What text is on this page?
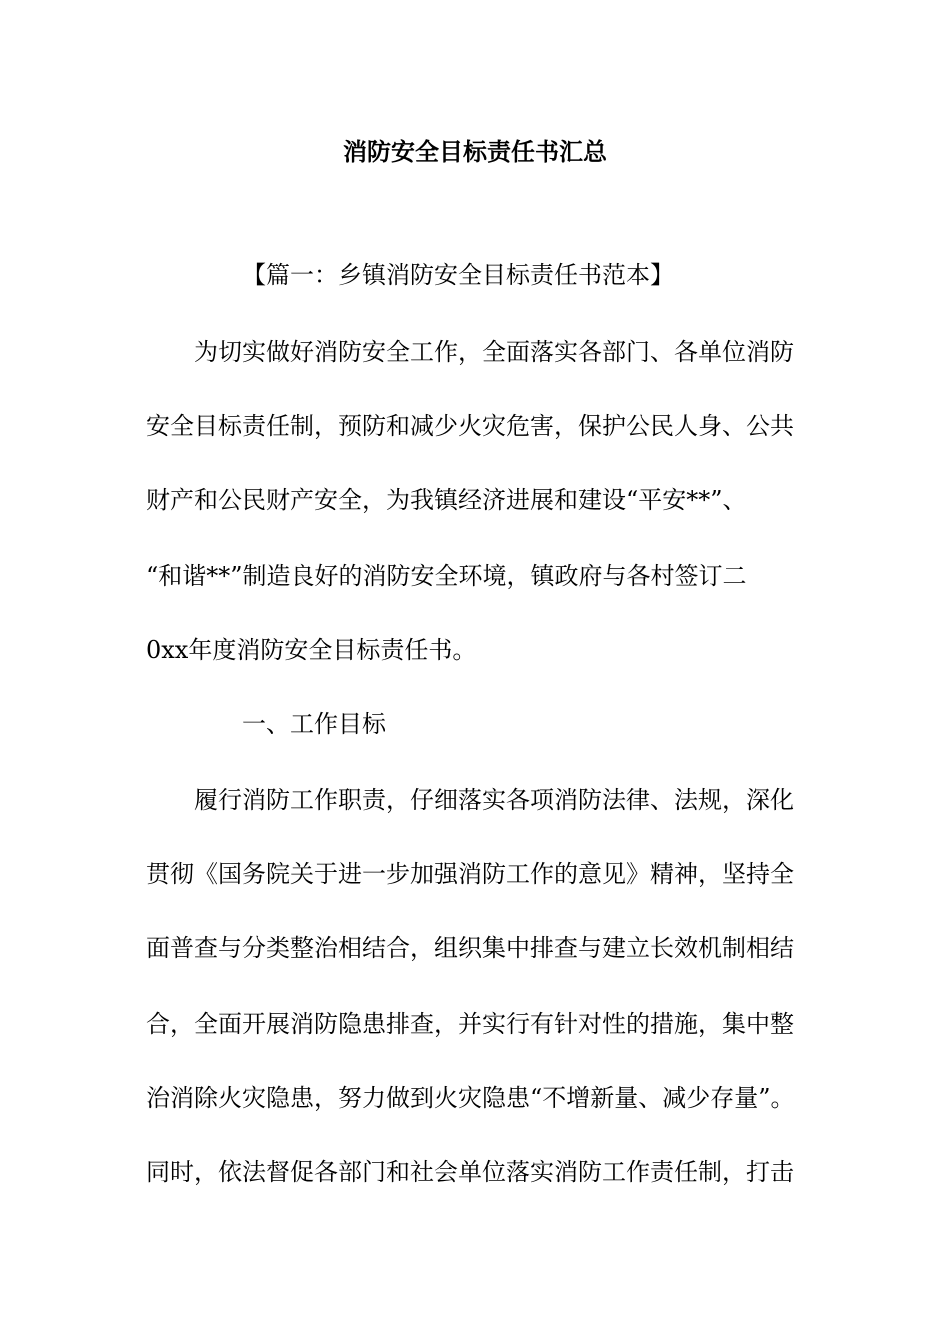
消防安全目标责任书汇总
【篇一：乡镇消防安全目标责任书范本】
为切实做好消防安全工作，全面落实各部门、各单位消防
安全目标责任制，预防和减少火灾危害，保护公民人身、公共
财产和公民财产安全，为我镇经济进展和建设“平安**”、
“和谐**”制造良好的消防安全环境，镇政府与各村签订二
0xx年度消防安全目标责任书。
一、工作目标
履行消防工作职责，仔细落实各项消防法律、法规，深化
贯彻《国务院关于进一步加强消防工作的意见》精神，坚持全
面普查与分类整治相结合，组织集中排查与建立长效机制相结
合，全面开展消防隐患排查，并实行有针对性的措施，集中整
治消除火灾隐患，努力做到火灾隐患“不增新量、减少存量”。
同时，依法督促各部门和社会单位落实消防工作责任制，打击
